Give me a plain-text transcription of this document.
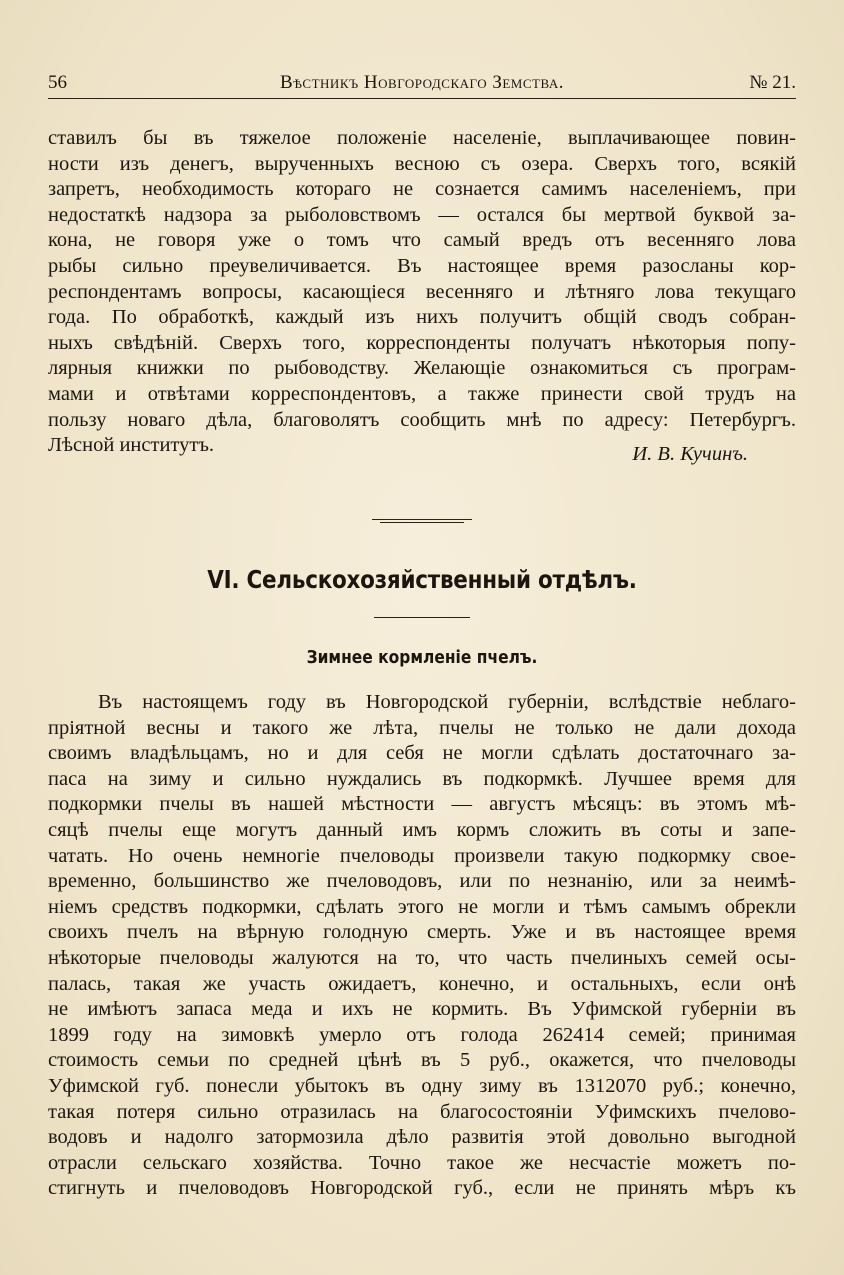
56	Вѣстникъ Новгородскаго Земства.	№ 21.
ставилъ бы въ тяжелое положеніе населеніе, выплачивающее повин-
ности изъ денегъ, вырученныхъ весною съ озера. Сверхъ того, всякій
запретъ, необходимость котораго не сознается самимъ населеніемъ, при
недостаткѣ надзора за рыболовствомъ — остался бы мертвой буквой за-
кона, не говоря уже о томъ что самый вредъ отъ весенняго лова
рыбы сильно преувеличивается. Въ настоящее время разосланы кор-
респондентамъ вопросы, касающіеся весенняго и лѣтняго лова текущаго
года. По обработкѣ, каждый изъ нихъ получитъ общій сводъ собран-
ныхъ свѣдѣній. Сверхъ того, корреспонденты получатъ нѣкоторыя попу-
лярныя книжки по рыбоводству. Желающіе ознакомиться съ програм-
мами и отвѣтами корреспондентовъ, а также принести свой трудъ на
пользу новаго дѣла, благоволятъ сообщить мнѣ по адресу: Петербургъ.
Лѣсной институтъ.	И. В. Кучинъ.
VI. Сельскохозяйственный отдѣлъ.
Зимнее кормленіе пчелъ.
Въ настоящемъ году въ Новгородской губерніи, вслѣдствіе неблаго-
пріятной весны и такого же лѣта, пчелы не только не дали дохода
своимъ владѣльцамъ, но и для себя не могли сдѣлать достаточнаго за-
паса на зиму и сильно нуждались въ подкормкѣ. Лучшее время для
подкормки пчелы въ нашей мѣстности — августъ мѣсяцъ: въ этомъ мѣ-
сяцѣ пчелы еще могутъ данный имъ кормъ сложить въ соты и запе-
чатать. Но очень немногіе пчеловоды произвели такую подкормку свое-
временно, большинство же пчеловодовъ, или по незнанію, или за неимѣ-
ніемъ средствъ подкормки, сдѣлать этого не могли и тѣмъ самымъ обрекли
своихъ пчелъ на вѣрную голодную смерть. Уже и въ настоящее время
нѣкоторые пчеловоды жалуются на то, что часть пчелиныхъ семей осы-
палась, такая же участь ожидаетъ, конечно, и остальныхъ, если онѣ
не имѣютъ запаса меда и ихъ не кормить. Въ Уфимской губерніи въ
1899 году на зимовкѣ умерло отъ голода 262414 семей; принимая
стоимость семьи по средней цѣнѣ въ 5 руб., окажется, что пчеловоды
Уфимской губ. понесли убытокъ въ одну зиму въ 1312070 руб.; конечно,
такая потеря сильно отразилась на благосостояніи Уфимскихъ пчелово-
водовъ и надолго затормозила дѣло развитія этой довольно выгодной
отрасли сельскаго хозяйства. Точно такое же несчастіе можетъ по-
стигнуть и пчеловодовъ Новгородской губ., если не принять мѣръ къ
